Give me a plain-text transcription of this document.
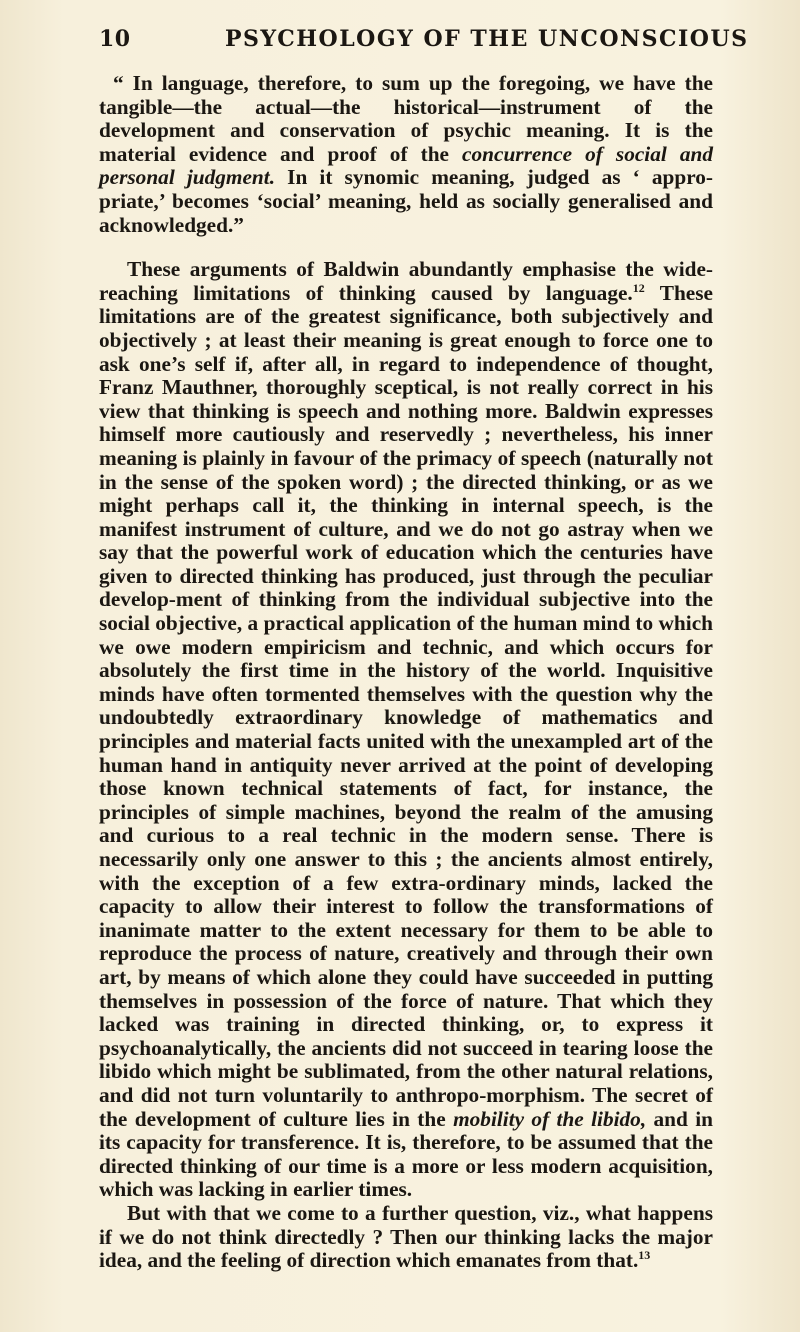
10	PSYCHOLOGY OF THE UNCONSCIOUS

“ In language, therefore, to sum up the foregoing, we have the tangible—the actual—the historical—instrument of the development and conservation of psychic meaning. It is the material evidence and proof of the concurrence of social and personal judgment. In it synomic meaning, judged as ‘ appro-priate,’ becomes ‘social’ meaning, held as socially generalised and acknowledged.”

These arguments of Baldwin abundantly emphasise the wide-reaching limitations of thinking caused by language.$^{12}$ These limitations are of the greatest significance, both subjectively and objectively ; at least their meaning is great enough to force one to ask one’s self if, after all, in regard to independence of thought, Franz Mauthner, thoroughly sceptical, is not really correct in his view that thinking is speech and nothing more. Baldwin expresses himself more cautiously and reservedly ; nevertheless, his inner meaning is plainly in favour of the primacy of speech (naturally not in the sense of the spoken word) ; the directed thinking, or as we might perhaps call it, the thinking in internal speech, is the manifest instrument of culture, and we do not go astray when we say that the powerful work of education which the centuries have given to directed thinking has produced, just through the peculiar develop-ment of thinking from the individual subjective into the social objective, a practical application of the human mind to which we owe modern empiricism and technic, and which occurs for absolutely the first time in the history of the world. Inquisitive minds have often tormented themselves with the question why the undoubtedly extraordinary knowledge of mathematics and principles and material facts united with the unexampled art of the human hand in antiquity never arrived at the point of developing those known technical statements of fact, for instance, the principles of simple machines, beyond the realm of the amusing and curious to a real technic in the modern sense. There is necessarily only one answer to this ; the ancients almost entirely, with the exception of a few extra-ordinary minds, lacked the capacity to allow their interest to follow the transformations of inanimate matter to the extent necessary for them to be able to reproduce the process of nature, creatively and through their own art, by means of which alone they could have succeeded in putting themselves in possession of the force of nature. That which they lacked was training in directed thinking, or, to express it psychoanalytically, the ancients did not succeed in tearing loose the libido which might be sublimated, from the other natural relations, and did not turn voluntarily to anthropo-morphism. The secret of the development of culture lies in the mobility of the libido, and in its capacity for transference. It is, therefore, to be assumed that the directed thinking of our time is a more or less modern acquisition, which was lacking in earlier times.

But with that we come to a further question, viz., what happens if we do not think directedly ? Then our thinking lacks the major idea, and the feeling of direction which emanates from that.$^{13}$
